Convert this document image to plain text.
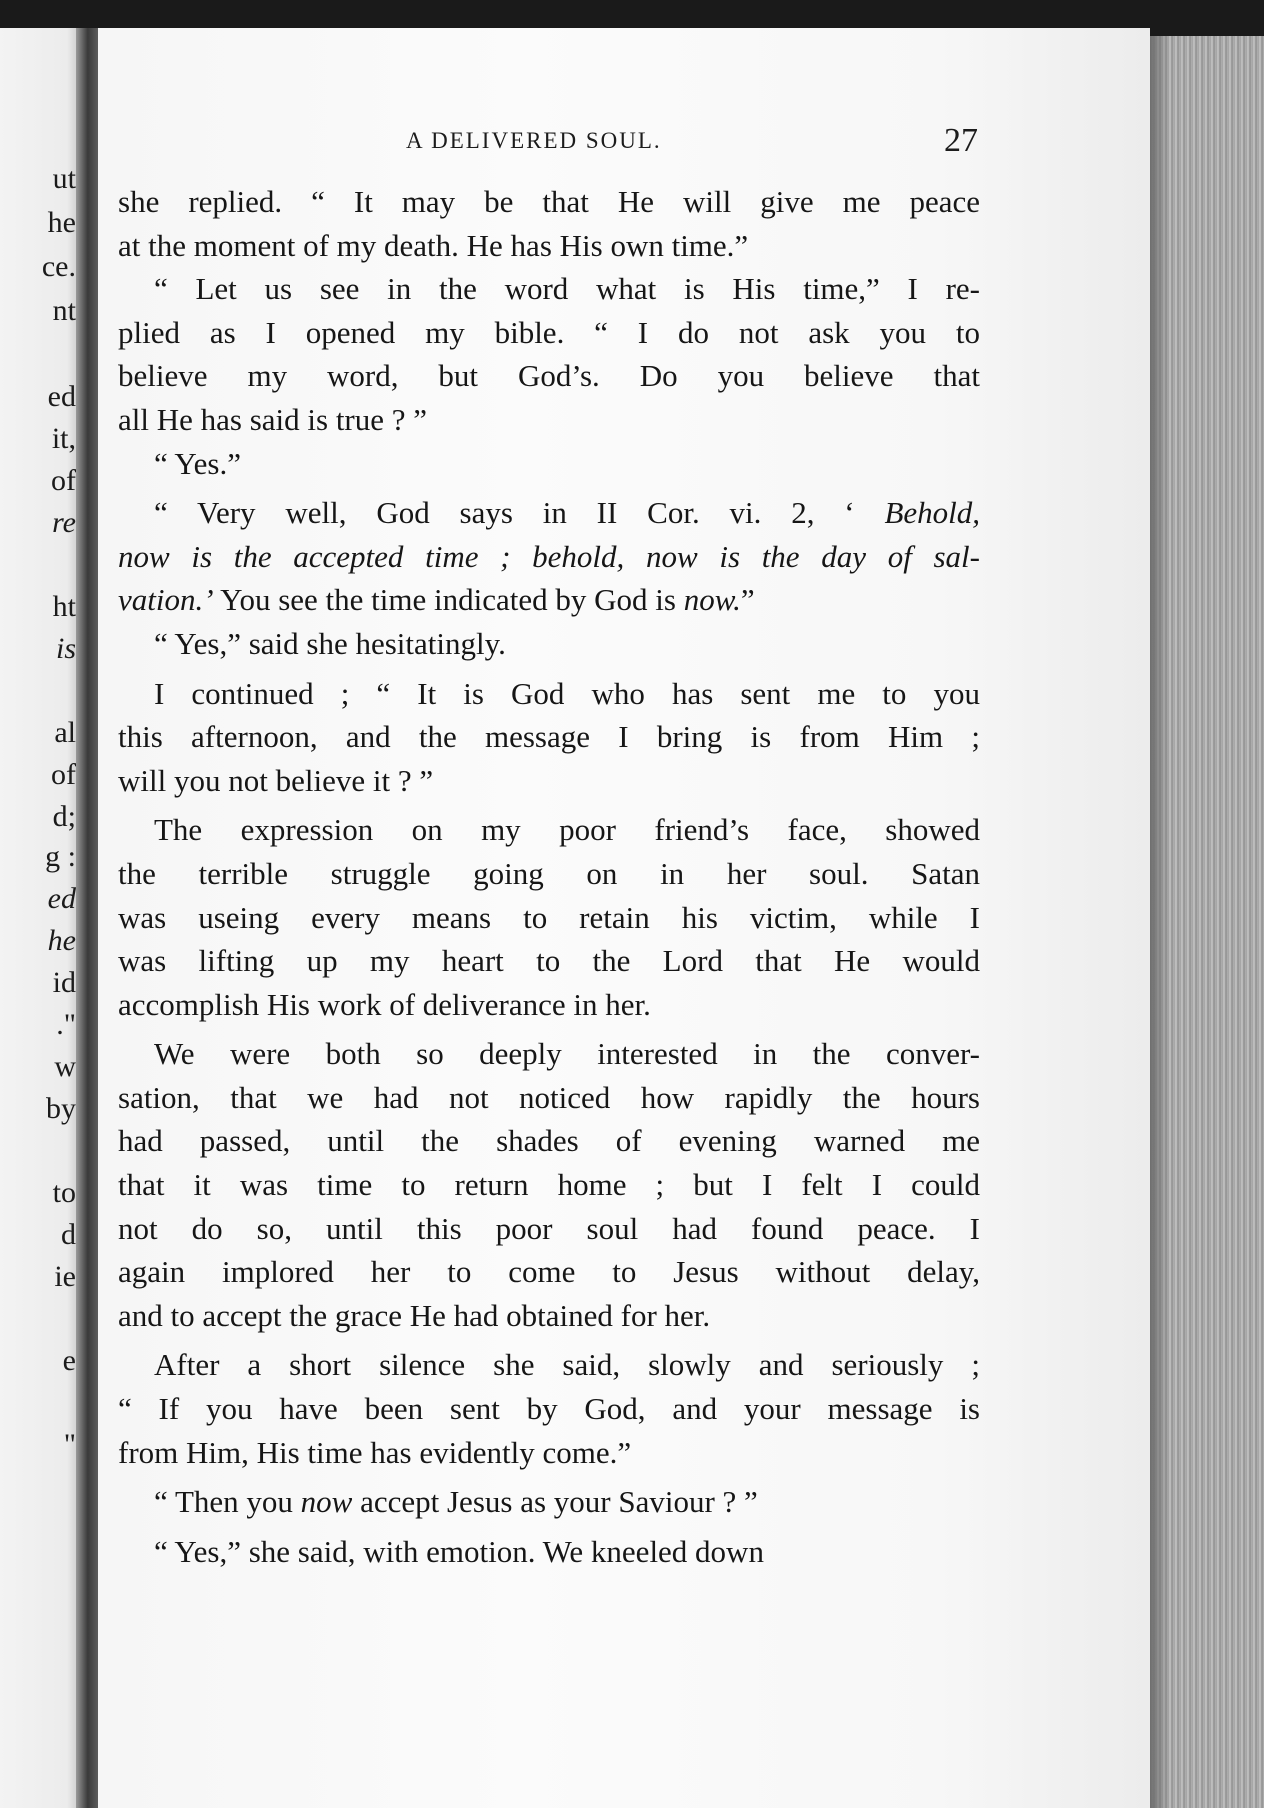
ut
he
ce.
nt
ed
it,
of
re
ht
is
al
of
d;
g :
ed
he
id
."
w
by
to
d
ie
e
"
A DELIVERED SOUL.	27
she replied. “ It may be that He will give me peace
at the moment of my death. He has His own time.”
“ Let us see in the word what is His time,” I re-
plied as I opened my bible. “ I do not ask you to
believe my word, but God’s. Do you believe that
all He has said is true ? ”
“ Yes.”
“ Very well, God says in II Cor. vi. 2, ‘ Behold,
now is the accepted time ; behold, now is the day of sal-
vation.’ You see the time indicated by God is now.”
“ Yes,” said she hesitatingly.
I continued ; “ It is God who has sent me to you
this afternoon, and the message I bring is from Him ;
will you not believe it ? ”
The expression on my poor friend’s face, showed
the terrible struggle going on in her soul. Satan
was useing every means to retain his victim, while I
was lifting up my heart to the Lord that He would
accomplish His work of deliverance in her.
We were both so deeply interested in the conver-
sation, that we had not noticed how rapidly the hours
had passed, until the shades of evening warned me
that it was time to return home ; but I felt I could
not do so, until this poor soul had found peace. I
again implored her to come to Jesus without delay,
and to accept the grace He had obtained for her.
After a short silence she said, slowly and seriously ;
“ If you have been sent by God, and your message is
from Him, His time has evidently come.”
“ Then you now accept Jesus as your Saviour ? ”
“ Yes,” she said, with emotion. We kneeled down
